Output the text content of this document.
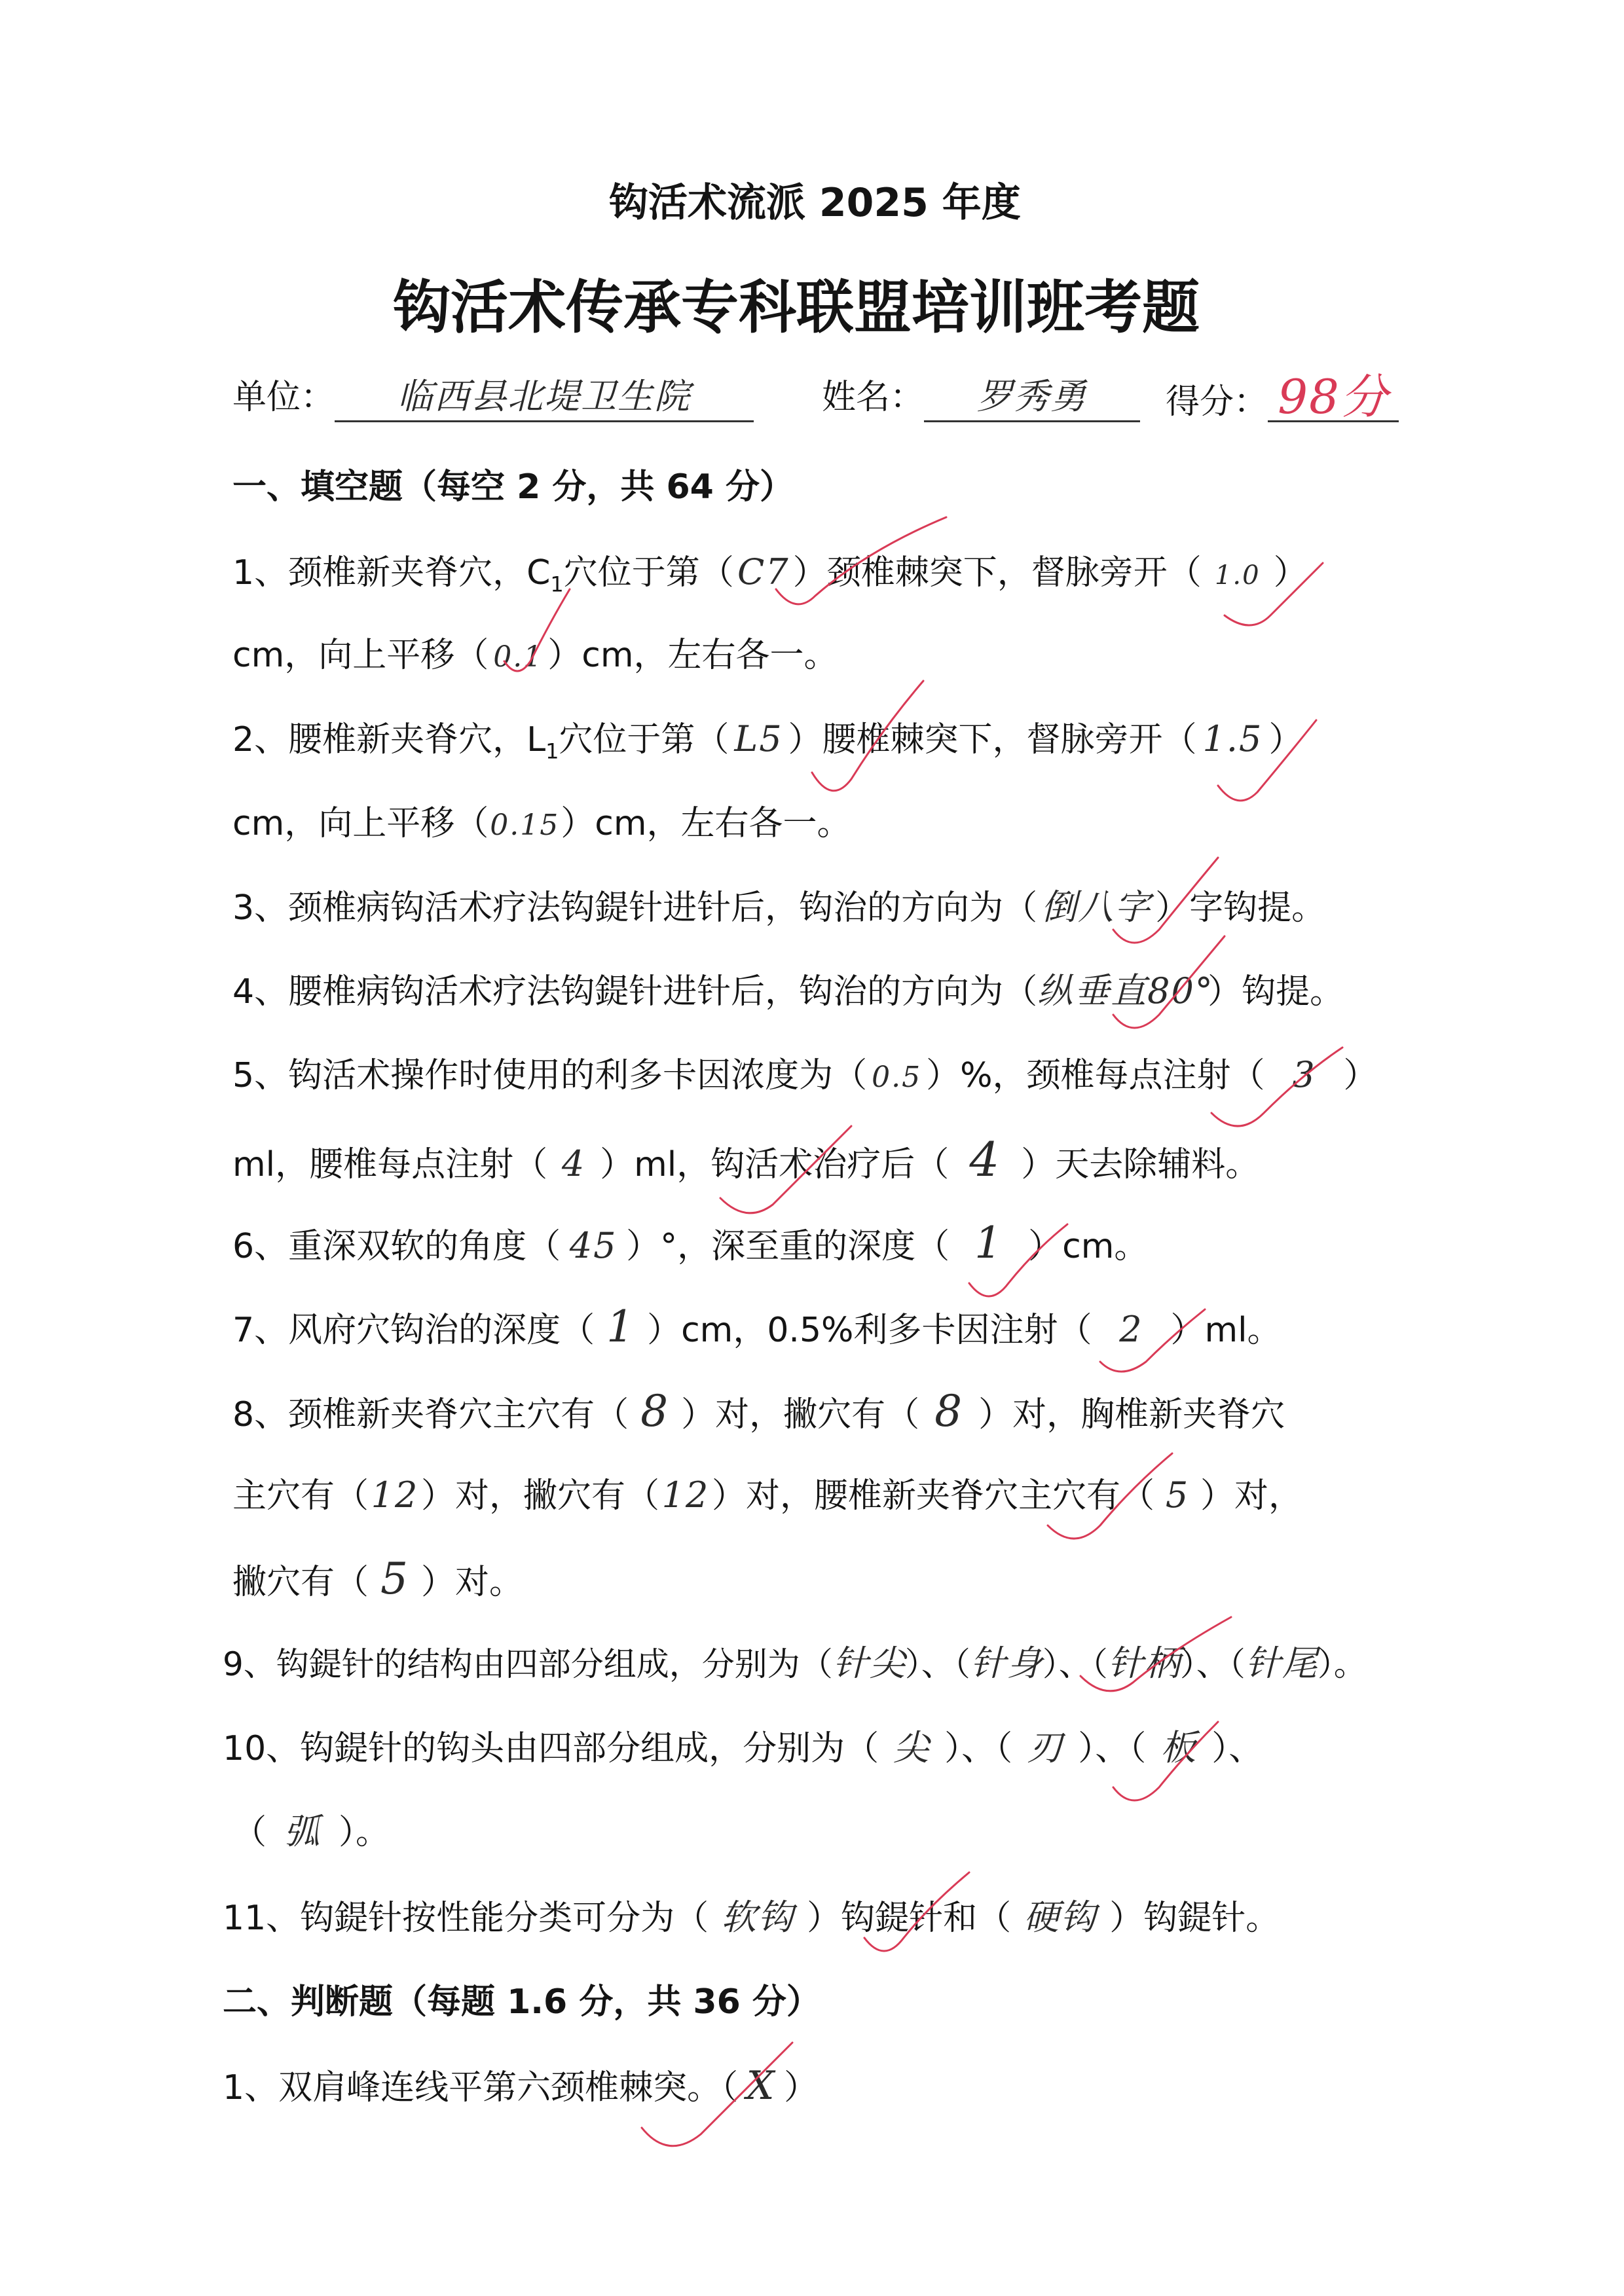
钩活术流派 2025 年度
钩活术传承专科联盟培训班考题
单位： 临西县北堤卫生院	姓名： 罗秀勇	得分： 98分
一、填空题（每空 2 分，共 64 分）
1、颈椎新夹脊穴，$C_1$穴位于第（C7）颈椎棘突下，督脉旁开（ 1.0 ）
cm，向上平移（ 0.1 ）cm，左右各一。
2、腰椎新夹脊穴，$L_1$穴位于第（ L5 ）腰椎棘突下，督脉旁开（ 1.5 ）
cm，向上平移（0.15）cm，左右各一。
3、颈椎病钩活术疗法钩鍉针进针后，钩治的方向为（ 倒八字 ）字钩提。
4、腰椎病钩活术疗法钩鍉针进针后，钩治的方向为（纵垂直80°）钩提。
5、钩活术操作时使用的利多卡因浓度为（ 0.5 ）%，颈椎每点注射（ 3 ）
ml，腰椎每点注射（ 4 ）ml，钩活术治疗后（ 4 ）天去除辅料。
6、重深双软的角度（ 45 ）°，深至重的深度（ 1 ）cm。
7、风府穴钩治的深度（ 1 ）cm，0.5%利多卡因注射（ 2 ）ml。
8、颈椎新夹脊穴主穴有（ 8 ）对，撇穴有（ 8 ）对，胸椎新夹脊穴
主穴有（12）对，撇穴有（12）对，腰椎新夹脊穴主穴有（ 5 ）对，
撇穴有（ 5 ）对。
9、钩鍉针的结构由四部分组成，分别为（针尖）、（针身）、（针柄）、（针尾）。
10、钩鍉针的钩头由四部分组成，分别为（ 尖 ）、（ 刃 ）、（ 板 ）、
（ 弧 ）。
11、钩鍉针按性能分类可分为（ 软钩 ）钩鍉针和（ 硬钩 ）钩鍉针。
二、判断题（每题 1.6 分，共 36 分）
1、双肩峰连线平第六颈椎棘突。（ X ）
